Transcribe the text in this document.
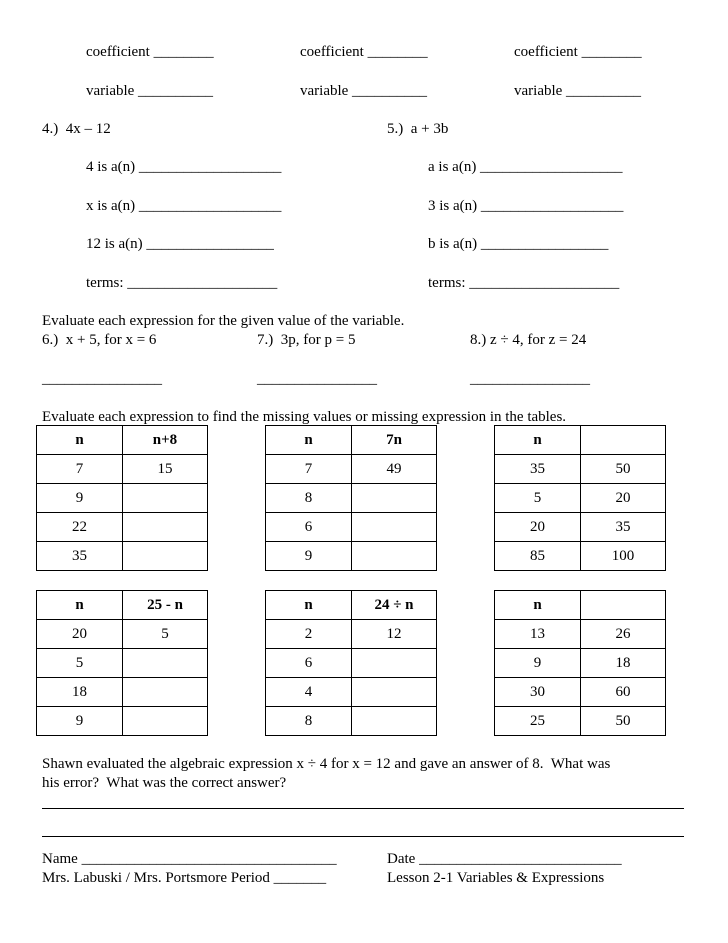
coefficient ________	coefficient ________	coefficient ________
variable __________	variable __________	variable __________
4.)  4x – 12
4 is a(n) ___________________
x is a(n) ___________________
12 is a(n) _________________
terms: ____________________
5.)  a + 3b
a is a(n) ___________________
3 is a(n) ___________________
b is a(n) _________________
terms: ____________________
Evaluate each expression for the given value of the variable.
6.)  x + 5, for x = 6	7.)  3p, for p = 5	8.) z ÷ 4, for z = 24
________________	________________	________________
Evaluate each expression to find the missing values or missing expression in the tables.
n	n+8
7	15
9	
22	
35	
n	7n
7	49
8	
6	
9	
n	
35	50
5	20
20	35
85	100
n	25 - n
20	5
5	
18	
9	
n	24 ÷ n
2	12
6	
4	
8	
n	
13	26
9	18
30	60
25	50
Shawn evaluated the algebraic expression x ÷ 4 for x = 12 and gave an answer of 8.  What was
his error?  What was the correct answer?
Name __________________________________	Date ___________________________
Mrs. Labuski / Mrs. Portsmore Period _______	Lesson 2-1 Variables & Expressions
